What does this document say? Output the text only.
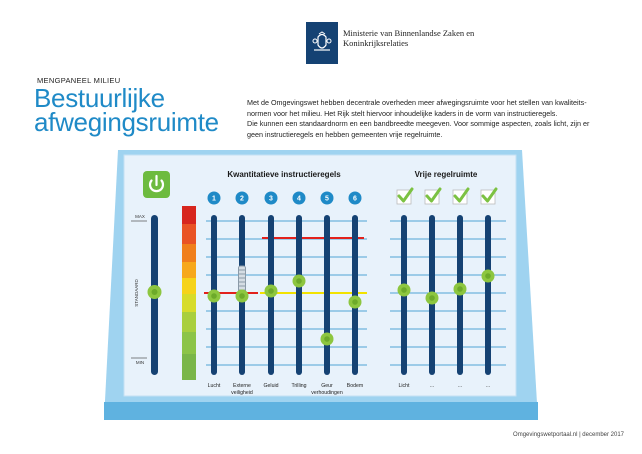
Ministerie van Binnenlandse Zaken en
Koninkrijksrelaties
MENGPANEEL MILIEU
Bestuurlijke
afwegingsruimte
Met de Omgevingswet hebben decentrale overheden meer afwegingsruimte voor het stellen van kwaliteits-
normen voor het milieu. Het Rijk stelt hiervoor inhoudelijke kaders in de vorm van instructieregels.
Die kunnen een standaardnorm en een bandbreedte meegeven. Voor sommige aspecten, zoals licht, zijn er
geen instructieregels en hebben gemeenten vrije regelruimte.
Kwantitatieve instructieregels	Vrije regelruimte
MAX
MIN
STANDAARD
1	2	3	4	5	6
Lucht Externe
veiligheid
Geluid Trilling	Geur
verhoudingen
Bodem	Licht	...	...	...
Omgevingswetportaal.nl | december 2017
